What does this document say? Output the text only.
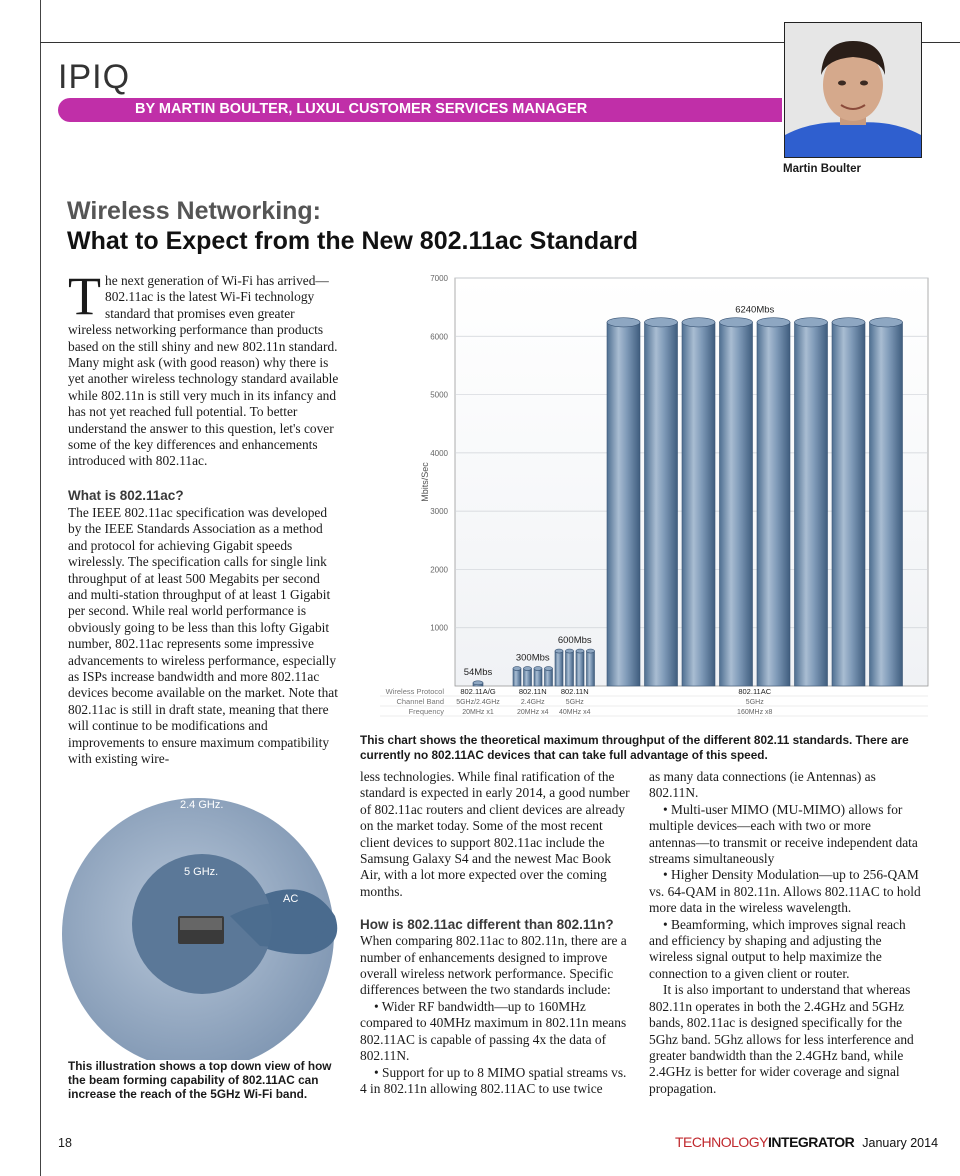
IPIQ
BY MARTIN BOULTER, LUXUL CUSTOMER SERVICES MANAGER
Martin Boulter
Wireless Networking:
What to Expect from the New 802.11ac Standard
The next generation of Wi-Fi has arrived—802.11ac is the latest Wi-Fi technology standard that promises even greater wireless networking performance than products based on the still shiny and new 802.11n standard. Many might ask (with good reason) why there is yet another wireless technology standard available while 802.11n is still very much in its infancy and has not yet reached full potential. To better understand the answer to this question, let's cover some of the key differences and enhancements introduced with 802.11ac.
What is 802.11ac?
The IEEE 802.11ac specification was developed by the IEEE Standards Association as a method and protocol for achieving Gigabit speeds wirelessly. The specification calls for single link throughput of at least 500 Megabits per second and multi-station throughput of at least 1 Gigabit per second. While real world performance is obviously going to be less than this lofty Gigabit number, 802.11ac represents some impressive advancements to wireless performance, especially as ISPs increase bandwidth and more 802.11ac devices become available on the market. Note that 802.11ac is still in draft state, meaning that there will continue to be modifications and improvements to ensure maximum compatibility with existing wire-
2.4 GHz.
5 GHz.
AC
This illustration shows a top down view of how the beam forming capability of 802.11AC can increase the reach of the 5GHz Wi-Fi band.
7000
6000
5000
4000
3000
2000
1000
Mbits/Sec
54Mbs
300Mbs
600Mbs
6240Mbs
Wireless Protocol
Channel Band
Frequency
802.11A/G
5GHz/2.4GHz
20MHz x1
802.11N
2.4GHz
20MHz x4
802.11N
5GHz
40MHz x4
802.11AC
5GHz
160MHz x8
This chart shows the theoretical maximum throughput of the different 802.11 standards. There are currently no 802.11AC devices that can take full advantage of this speed.

less technologies. While final ratification of the standard is expected in early 2014, a good number of 802.11ac routers and client devices are already on the market today. Some of the most recent client devices to support 802.11ac include the Samsung Galaxy S4 and the newest Mac Book Air, with a lot more expected over the coming months.

How is 802.11ac different than 802.11n?

When comparing 802.11ac to 802.11n, there are a number of enhancements designed to improve overall wireless network performance. Specific differences between the two standards include:

• Wider RF bandwidth—up to 160MHz compared to 40MHz maximum in 802.11n means 802.11AC is capable of passing 4x the data of 802.11N.

• Support for up to 8 MIMO spatial streams vs. 4 in 802.11n allowing 802.11AC to use twice

as many data connections (ie Antennas) as 802.11N.

• Multi-user MIMO (MU-MIMO) allows for multiple devices—each with two or more antennas—to transmit or receive independent data streams simultaneously

• Higher Density Modulation—up to 256-QAM vs. 64-QAM in 802.11n. Allows 802.11AC to hold more data in the wireless wavelength.

• Beamforming, which improves signal reach and efficiency by shaping and adjusting the wireless signal output to help maximize the connection to a given client or router.

It is also important to understand that whereas 802.11n operates in both the 2.4GHz and 5GHz bands, 802.11ac is designed specifically for the 5Ghz band. 5Ghz allows for less interference and greater bandwidth than the 2.4GHz band, while 2.4GHz is better for wider coverage and signal propagation.

18	TECHNOLOGYINTEGRATOR January 2014
